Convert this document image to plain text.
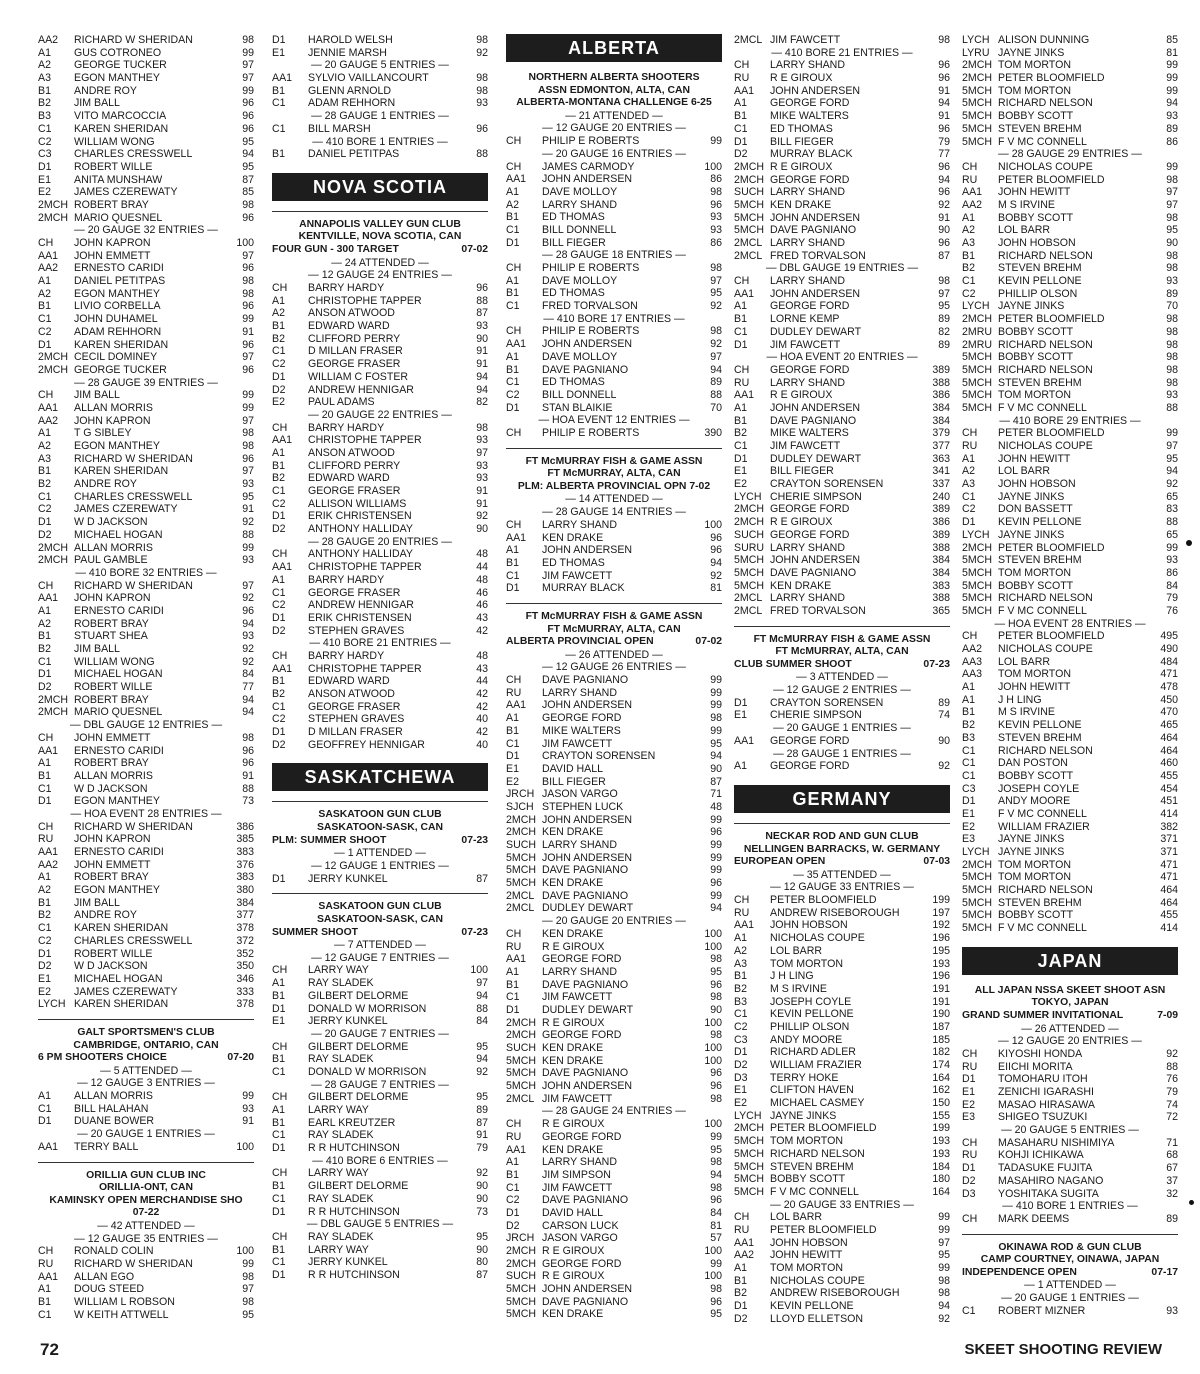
AA2	RICHARD W SHERIDAN	98
A1	GUS COTRONEO	99
A2	GEORGE TUCKER	97
A3	EGON MANTHEY	97
B1	ANDRE ROY	99
B2	JIM BALL	96
B3	VITO MARCOCCIA	96
C1	KAREN SHERIDAN	96
C2	WILLIAM WONG	95
C3	CHARLES CRESSWELL	94
D1	ROBERT WILLE	95
E1	ANITA MUNSHAW	87
E2	JAMES CZEREWATY	85
2MCH ROBERT BRAY	98
2MCH MARIO QUESNEL	96
— 20 GAUGE 32 ENTRIES —
CH	JOHN KAPRON	100
AA1	JOHN EMMETT	97
AA2	ERNESTO CARIDI	96
A1	DANIEL PETITPAS	98
A2	EGON MANTHEY	98
B1	LIVIO CORBELLA	96
C1	JOHN DUHAMEL	99
C2	ADAM REHHORN	91
D1	KAREN SHERIDAN	96
2MCH CECIL DOMINEY	97
2MCH GEORGE TUCKER	96
— 28 GAUGE 39 ENTRIES —
CH	JIM BALL	99
AA1	ALLAN MORRIS	99
AA2	JOHN KAPRON	97
A1	T G SIBLEY	98
A2	EGON MANTHEY	98
A3	RICHARD W SHERIDAN	96
B1	KAREN SHERIDAN	97
B2	ANDRE ROY	93
C1	CHARLES CRESSWELL	95
C2	JAMES CZEREWATY	91
D1	W D JACKSON	92
D2	MICHAEL HOGAN	88
2MCH ALLAN MORRIS	99
2MCH PAUL GAMBLE	93
— 410 BORE 32 ENTRIES —
CH	RICHARD W SHERIDAN	97
AA1	JOHN KAPRON	92
A1	ERNESTO CARIDI	96
A2	ROBERT BRAY	94
B1	STUART SHEA	93
B2	JIM BALL	92
C1	WILLIAM WONG	92
D1	MICHAEL HOGAN	84
D2	ROBERT WILLE	77
2MCH ROBERT BRAY	94
2MCH MARIO QUESNEL	94
— DBL GAUGE 12 ENTRIES —
CH	JOHN EMMETT	98
AA1	ERNESTO CARIDI	96
A1	ROBERT BRAY	96
B1	ALLAN MORRIS	91
C1	W D JACKSON	88
D1	EGON MANTHEY	73
— HOA EVENT 28 ENTRIES —
CH	RICHARD W SHERIDAN	386
RU	JOHN KAPRON	385
AA1	ERNESTO CARIDI	383
AA2	JOHN EMMETT	376
A1	ROBERT BRAY	383
A2	EGON MANTHEY	380
B1	JIM BALL	384
B2	ANDRE ROY	377
C1	KAREN SHERIDAN	378
C2	CHARLES CRESSWELL	372
D1	ROBERT WILLE	352
D2	W D JACKSON	350
E1	MICHAEL HOGAN	346
E2	JAMES CZEREWATY	333
LYCH KAREN SHERIDAN	378
GALT SPORTSMEN'S CLUB
CAMBRIDGE, ONTARIO, CAN
6 PM SHOOTERS CHOICE	07-20
— 5 ATTENDED —
— 12 GAUGE 3 ENTRIES —
A1	ALLAN MORRIS	99
C1	BILL HALAHAN	93
D1	DUANE BOWER	91
— 20 GAUGE 1 ENTRIES —
AA1	TERRY BALL	100
ORILLIA GUN CLUB INC
ORILLIA-ONT, CAN
KAMINSKY OPEN MERCHANDISE SHO
07-22
— 42 ATTENDED —
— 12 GAUGE 35 ENTRIES —
CH	RONALD COLIN	100
RU	RICHARD W SHERIDAN	99
AA1	ALLAN EGO	98
A1	DOUG STEED	97
B1	WILLIAM L ROBSON	98
C1	W KEITH ATTWELL	95
D1	HAROLD WELSH	98
E1	JENNIE MARSH	92
— 20 GAUGE 5 ENTRIES —
AA1	SYLVIO VAILLANCOURT	98
B1	GLENN ARNOLD	98
C1	ADAM REHHORN	93
— 28 GAUGE 1 ENTRIES —
C1	BILL MARSH	96
— 410 BORE 1 ENTRIES —
B1	DANIEL PETITPAS	88
NOVA SCOTIA
ANNAPOLIS VALLEY GUN CLUB
KENTVILLE, NOVA SCOTIA, CAN
FOUR GUN - 300 TARGET	07-02
— 24 ATTENDED —
— 12 GAUGE 24 ENTRIES —
CH	BARRY HARDY	96
A1	CHRISTOPHE TAPPER	88
A2	ANSON ATWOOD	87
B1	EDWARD WARD	93
B2	CLIFFORD PERRY	90
C1	D MILLAN FRASER	91
C2	GEORGE FRASER	91
D1	WILLIAM C FOSTER	94
D2	ANDREW HENNIGAR	94
E2	PAUL ADAMS	82
— 20 GAUGE 22 ENTRIES —
CH	BARRY HARDY	98
AA1	CHRISTOPHE TAPPER	93
A1	ANSON ATWOOD	97
B1	CLIFFORD PERRY	93
B2	EDWARD WARD	93
C1	GEORGE FRASER	91
C2	ALLISON WILLIAMS	91
D1	ERIK CHRISTENSEN	92
D2	ANTHONY HALLIDAY	90
— 28 GAUGE 20 ENTRIES —
CH	ANTHONY HALLIDAY	48
AA1	CHRISTOPHE TAPPER	44
A1	BARRY HARDY	48
C1	GEORGE FRASER	46
C2	ANDREW HENNIGAR	46
D1	ERIK CHRISTENSEN	43
D2	STEPHEN GRAVES	42
— 410 BORE 21 ENTRIES —
CH	BARRY HARDY	48
AA1	CHRISTOPHE TAPPER	43
B1	EDWARD WARD	44
B2	ANSON ATWOOD	42
C1	GEORGE FRASER	42
C2	STEPHEN GRAVES	40
D1	D MILLAN FRASER	42
D2	GEOFFREY HENNIGAR	40
SASKATCHEWA
SASKATOON GUN CLUB
SASKATOON-SASK, CAN
PLM: SUMMER SHOOT	07-23
— 1 ATTENDED —
— 12 GAUGE 1 ENTRIES —
D1	JERRY KUNKEL	87
SASKATOON GUN CLUB
SASKATOON-SASK, CAN
SUMMER SHOOT	07-23
— 7 ATTENDED —
— 12 GAUGE 7 ENTRIES —
CH	LARRY WAY	100
A1	RAY SLADEK	97
B1	GILBERT DELORME	94
D1	DONALD W MORRISON	88
E1	JERRY KUNKEL	84
— 20 GAUGE 7 ENTRIES —
CH	GILBERT DELORME	95
B1	RAY SLADEK	94
C1	DONALD W MORRISON	92
— 28 GAUGE 7 ENTRIES —
CH	GILBERT DELORME	95
A1	LARRY WAY	89
B1	EARL KREUTZER	87
C1	RAY SLADEK	91
D1	R R HUTCHINSON	79
— 410 BORE 6 ENTRIES —
CH	LARRY WAY	92
B1	GILBERT DELORME	90
C1	RAY SLADEK	90
D1	R R HUTCHINSON	73
— DBL GAUGE 5 ENTRIES —
CH	RAY SLADEK	95
B1	LARRY WAY	90
C1	JERRY KUNKEL	80
D1	R R HUTCHINSON	87
ALBERTA
NORTHERN ALBERTA SHOOTERS
ASSN EDMONTON, ALTA, CAN
ALBERTA-MONTANA CHALLENGE 6-25
— 21 ATTENDED —
— 12 GAUGE 20 ENTRIES —
CH	PHILIP E ROBERTS	99
— 20 GAUGE 16 ENTRIES —
CH	JAMES CARMODY	100
AA1	JOHN ANDERSEN	86
A1	DAVE MOLLOY	98
A2	LARRY SHAND	96
B1	ED THOMAS	93
C1	BILL DONNELL	93
D1	BILL FIEGER	86
— 28 GAUGE 18 ENTRIES —
CH	PHILIP E ROBERTS	98
A1	DAVE MOLLOY	97
B1	ED THOMAS	95
C1	FRED TORVALSON	92
— 410 BORE 17 ENTRIES —
CH	PHILIP E ROBERTS	98
AA1	JOHN ANDERSEN	92
A1	DAVE MOLLOY	97
B1	DAVE PAGNIANO	94
C1	ED THOMAS	89
C2	BILL DONNELL	88
D1	STAN BLAIKIE	70
— HOA EVENT 12 ENTRIES —
CH	PHILIP E ROBERTS	390
FT McMURRAY FISH & GAME ASSN
FT McMURRAY, ALTA, CAN
PLM: ALBERTA PROVINCIAL OPN 7-02
— 14 ATTENDED —
— 28 GAUGE 14 ENTRIES —
CH	LARRY SHAND	100
AA1	KEN DRAKE	96
A1	JOHN ANDERSEN	96
B1	ED THOMAS	94
C1	JIM FAWCETT	92
D1	MURRAY BLACK	81
FT McMURRAY FISH & GAME ASSN
FT McMURRAY, ALTA, CAN
ALBERTA PROVINCIAL OPEN	07-02
— 26 ATTENDED —
— 12 GAUGE 26 ENTRIES —
CH	DAVE PAGNIANO	99
RU	LARRY SHAND	99
AA1	JOHN ANDERSEN	99
A1	GEORGE FORD	98
B1	MIKE WALTERS	99
C1	JIM FAWCETT	95
D1	CRAYTON SORENSEN	94
E1	DAVID HALL	90
E2	BILL FIEGER	87
JRCH JASON VARGO	71
SJCH STEPHEN LUCK	48
2MCH JOHN ANDERSEN	99
2MCH KEN DRAKE	96
SUCH LARRY SHAND	99
5MCH JOHN ANDERSEN	99
5MCH DAVE PAGNIANO	99
5MCH KEN DRAKE	96
2MCL DAVE PAGNIANO	99
2MCL DUDLEY DEWART	94
— 20 GAUGE 20 ENTRIES —
CH	KEN DRAKE	100
RU	R E GIROUX	100
AA1	GEORGE FORD	98
A1	LARRY SHAND	95
B1	DAVE PAGNIANO	96
C1	JIM FAWCETT	98
D1	DUDLEY DEWART	90
2MCH R E GIROUX	100
2MCH GEORGE FORD	98
SUCH KEN DRAKE	100
5MCH KEN DRAKE	100
5MCH DAVE PAGNIANO	96
5MCH JOHN ANDERSEN	96
2MCL JIM FAWCETT	98
— 28 GAUGE 24 ENTRIES —
CH	R E GIROUX	100
RU	GEORGE FORD	99
AA1	KEN DRAKE	95
A1	LARRY SHAND	98
B1	JIM SIMPSON	94
C1	JIM FAWCETT	98
C2	DAVE PAGNIANO	96
D1	DAVID HALL	84
D2	CARSON LUCK	81
JRCH JASON VARGO	57
2MCH R E GIROUX	100
2MCH GEORGE FORD	99
SUCH R E GIROUX	100
5MCH JOHN ANDERSEN	98
5MCH DAVE PAGNIANO	96
5MCH KEN DRAKE	95
2MCL JIM FAWCETT	98
— 410 BORE 21 ENTRIES —
CH	LARRY SHAND	96
RU	R E GIROUX	96
AA1	JOHN ANDERSEN	91
A1	GEORGE FORD	94
B1	MIKE WALTERS	91
C1	ED THOMAS	96
D1	BILL FIEGER	79
D2	MURRAY BLACK	77
2MCH R E GIROUX	96
2MCH GEORGE FORD	94
SUCH LARRY SHAND	96
5MCH KEN DRAKE	92
5MCH JOHN ANDERSEN	91
5MCH DAVE PAGNIANO	90
2MCL LARRY SHAND	96
2MCL FRED TORVALSON	87
— DBL GAUGE 19 ENTRIES —
CH	LARRY SHAND	98
AA1	JOHN ANDERSEN	97
A1	GEORGE FORD	95
B1	LORNE KEMP	89
C1	DUDLEY DEWART	82
D1	JIM FAWCETT	89
— HOA EVENT 20 ENTRIES —
CH	GEORGE FORD	389
RU	LARRY SHAND	388
AA1	R E GIROUX	386
A1	JOHN ANDERSEN	384
B1	DAVE PAGNIANO	384
B2	MIKE WALTERS	379
C1	JIM FAWCETT	377
D1	DUDLEY DEWART	363
E1	BILL FIEGER	341
E2	CRAYTON SORENSEN	337
LYCH CHERIE SIMPSON	240
2MCH GEORGE FORD	389
2MCH R E GIROUX	386
SUCH GEORGE FORD	389
SURU LARRY SHAND	388
5MCH JOHN ANDERSEN	384
5MCH DAVE PAGNIANO	384
5MCH KEN DRAKE	383
2MCL LARRY SHAND	388
2MCL FRED TORVALSON	365
FT McMURRAY FISH & GAME ASSN
FT McMURRAY, ALTA, CAN
CLUB SUMMER SHOOT	07-23
— 3 ATTENDED —
— 12 GAUGE 2 ENTRIES —
D1	CRAYTON SORENSEN	89
E1	CHERIE SIMPSON	74
— 20 GAUGE 1 ENTRIES —
AA1	GEORGE FORD	90
— 28 GAUGE 1 ENTRIES —
A1	GEORGE FORD	92
GERMANY
NECKAR ROD AND GUN CLUB
NELLINGEN BARRACKS, W. GERMANY
EUROPEAN OPEN	07-03
— 35 ATTENDED —
— 12 GAUGE 33 ENTRIES —
CH	PETER BLOOMFIELD	199
RU	ANDREW RISEBOROUGH	197
AA1	JOHN HOBSON	192
A1	NICHOLAS COUPE	196
A2	LOL BARR	195
A3	TOM MORTON	193
B1	J H LING	196
B2	M S IRVINE	191
B3	JOSEPH COYLE	191
C1	KEVIN PELLONE	190
C2	PHILLIP OLSON	187
C3	ANDY MOORE	185
D1	RICHARD ADLER	182
D2	WILLIAM FRAZIER	174
D3	TERRY HOKE	164
E1	CLIFTON HAVEN	162
E2	MICHAEL CASMEY	150
LYCH JAYNE JINKS	155
2MCH PETER BLOOMFIELD	199
5MCH TOM MORTON	193
5MCH RICHARD NELSON	193
5MCH STEVEN BREHM	184
5MCH BOBBY SCOTT	180
5MCH F V MC CONNELL	164
— 20 GAUGE 33 ENTRIES —
CH	LOL BARR	99
RU	PETER BLOOMFIELD	99
AA1	JOHN HOBSON	97
AA2	JOHN HEWITT	95
A1	TOM MORTON	99
B1	NICHOLAS COUPE	98
B2	ANDREW RISEBOROUGH	98
D1	KEVIN PELLONE	94
D2	LLOYD ELLETSON	92
LYCH ALISON DUNNING	85
LYRU JAYNE JINKS	81
2MCH TOM MORTON	99
2MCH PETER BLOOMFIELD	99
5MCH TOM MORTON	99
5MCH RICHARD NELSON	94
5MCH BOBBY SCOTT	93
5MCH STEVEN BREHM	89
5MCH F V MC CONNELL	86
— 28 GAUGE 29 ENTRIES —
CH	NICHOLAS COUPE	99
RU	PETER BLOOMFIELD	98
AA1	JOHN HEWITT	97
AA2	M S IRVINE	97
A1	BOBBY SCOTT	98
A2	LOL BARR	95
A3	JOHN HOBSON	90
B1	RICHARD NELSON	98
B2	STEVEN BREHM	98
C1	KEVIN PELLONE	93
C2	PHILLIP OLSON	89
LYCH JAYNE JINKS	70
2MCH PETER BLOOMFIELD	98
2MRU BOBBY SCOTT	98
2MRU RICHARD NELSON	98
5MCH BOBBY SCOTT	98
5MCH RICHARD NELSON	98
5MCH STEVEN BREHM	98
5MCH TOM MORTON	93
5MCH F V MC CONNELL	88
— 410 BORE 29 ENTRIES —
CH	PETER BLOOMFIELD	99
RU	NICHOLAS COUPE	97
A1	JOHN HEWITT	95
A2	LOL BARR	94
A3	JOHN HOBSON	92
C1	JAYNE JINKS	65
C2	DON BASSETT	83
D1	KEVIN PELLONE	88
LYCH JAYNE JINKS	65
2MCH PETER BLOOMFIELD	99
5MCH STEVEN BREHM	93
5MCH TOM MORTON	86
5MCH BOBBY SCOTT	84
5MCH RICHARD NELSON	79
5MCH F V MC CONNELL	76
— HOA EVENT 28 ENTRIES —
CH	PETER BLOOMFIELD	495
AA2	NICHOLAS COUPE	490
AA3	LOL BARR	484
AA3	TOM MORTON	471
A1	JOHN HEWITT	478
A1	J H LING	450
B1	M S IRVINE	470
B2	KEVIN PELLONE	465
B3	STEVEN BREHM	464
C1	RICHARD NELSON	464
C1	DAN POSTON	460
C1	BOBBY SCOTT	455
C3	JOSEPH COYLE	454
D1	ANDY MOORE	451
E1	F V MC CONNELL	414
E2	WILLIAM FRAZIER	382
E3	JAYNE JINKS	371
LYCH JAYNE JINKS	371
2MCH TOM MORTON	471
5MCH TOM MORTON	471
5MCH RICHARD NELSON	464
5MCH STEVEN BREHM	464
5MCH BOBBY SCOTT	455
5MCH F V MC CONNELL	414
JAPAN
ALL JAPAN NSSA SKEET SHOOT ASN
TOKYO, JAPAN
GRAND SUMMER INVITATIONAL	7-09
— 26 ATTENDED —
— 12 GAUGE 20 ENTRIES —
CH	KIYOSHI HONDA	92
RU	EIICHI MORITA	88
D1	TOMOHARU ITOH	76
E1	ZENICHI IGARASHI	79
E2	MASAO HIRASAWA	74
E3	SHIGEO TSUZUKI	72
— 20 GAUGE 5 ENTRIES —
CH	MASAHARU NISHIMIYA	71
RU	KOHJI ICHIKAWA	68
D1	TADASUKE FUJITA	67
D2	MASAHIRO NAGANO	37
D3	YOSHITAKA SUGITA	32
— 410 BORE 1 ENTRIES —
CH	MARK DEEMS	89
OKINAWA ROD & GUN CLUB
CAMP COURTNEY, OINAWA, JAPAN
INDEPENDENCE OPEN	07-17
— 1 ATTENDED —
— 20 GAUGE 1 ENTRIES —
C1	ROBERT MIZNER	93
72	SKEET SHOOTING REVIEW
